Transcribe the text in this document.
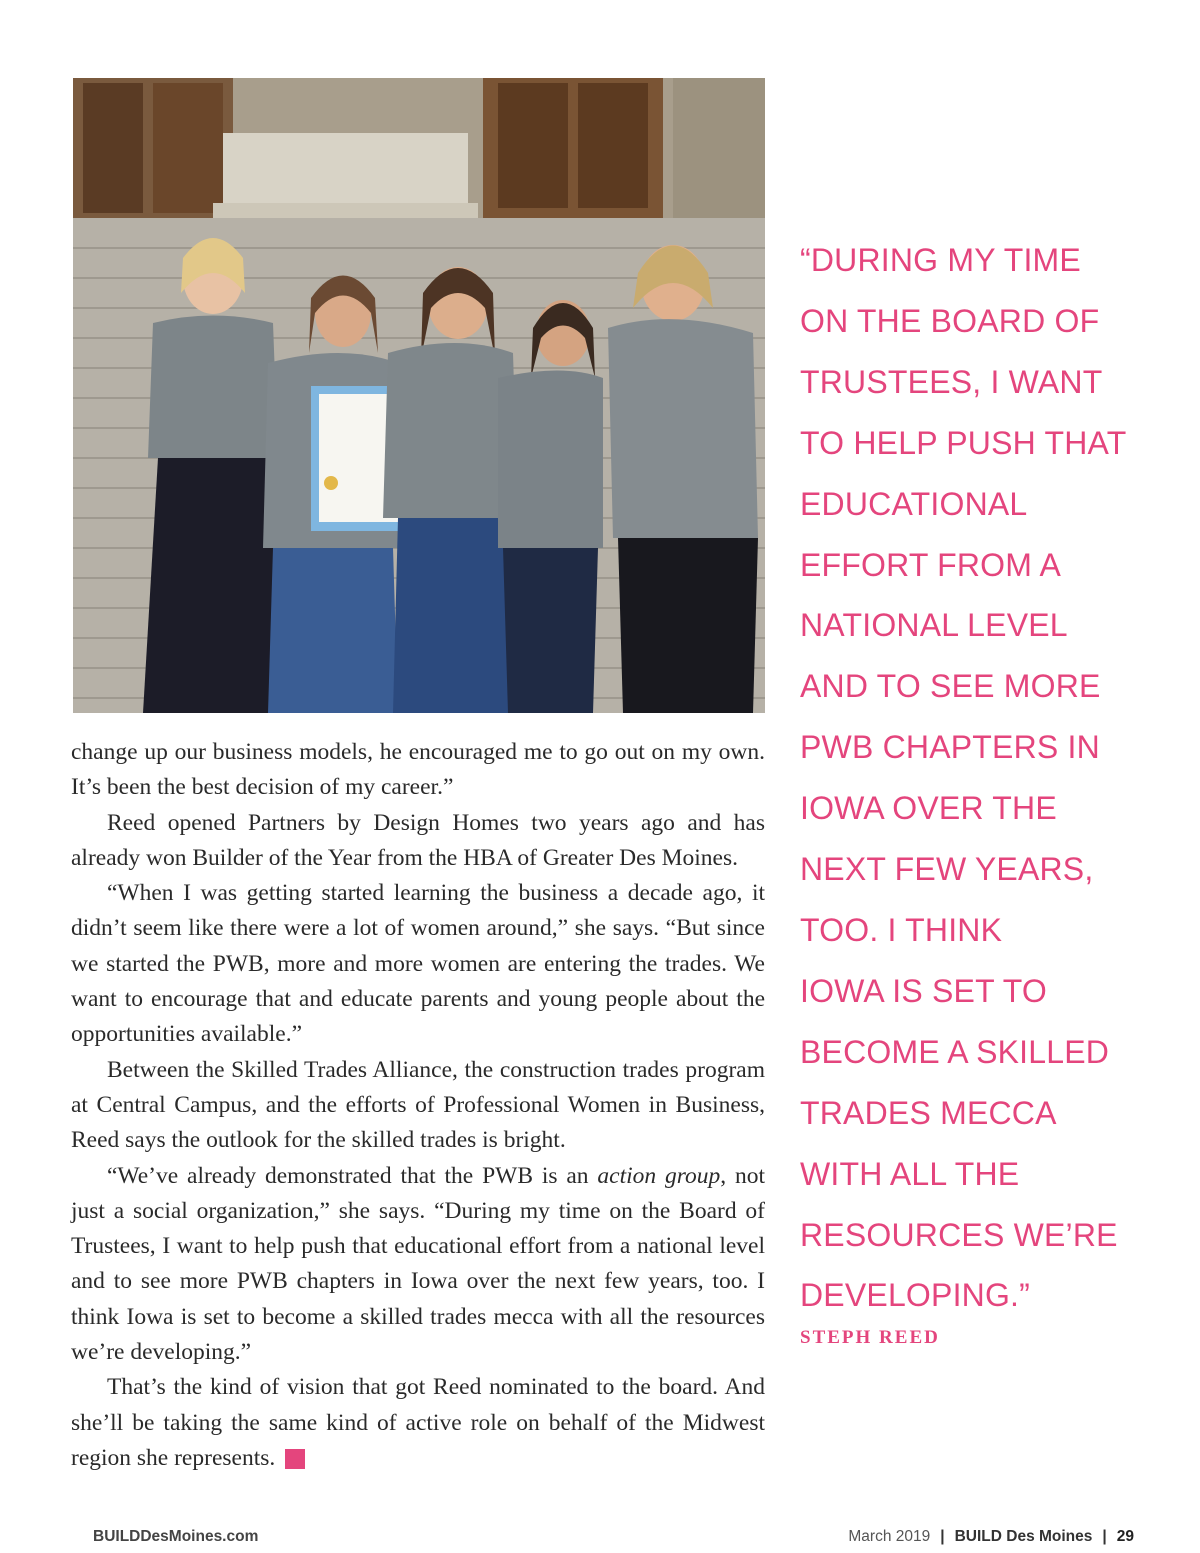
change up our business models, he encouraged me to go out on my own. It’s been the best decision of my career.”

Reed opened Partners by Design Homes two years ago and has already won Builder of the Year from the HBA of Greater Des Moines.

“When I was getting started learning the business a decade ago, it didn’t seem like there were a lot of women around,” she says. “But since we started the PWB, more and more women are entering the trades. We want to encourage that and educate parents and young people about the opportunities available.”

Between the Skilled Trades Alliance, the construction trades program at Central Campus, and the efforts of Professional Women in Business, Reed says the outlook for the skilled trades is bright.

“We’ve already demonstrated that the PWB is an action group, not just a social organization,” she says. “During my time on the Board of Trustees, I want to help push that educational effort from a national level and to see more PWB chapters in Iowa over the next few years, too. I think Iowa is set to become a skilled trades mecca with all the resources we’re developing.”

That’s the kind of vision that got Reed nominated to the board. And she’ll be taking the same kind of active role on behalf of the Midwest region she represents.	B

“DURING MY TIME
ON THE BOARD OF
TRUSTEES, I WANT
TO HELP PUSH THAT
EDUCATIONAL
EFFORT FROM A
NATIONAL LEVEL
AND TO SEE MORE
PWB CHAPTERS IN
IOWA OVER THE
NEXT FEW YEARS,
TOO. I THINK
IOWA IS SET TO
BECOME A SKILLED
TRADES MECCA
WITH ALL THE
RESOURCES WE’RE
DEVELOPING.”
STEPH REED
BUILDDesMoines.com	March 2019 | BUILD Des Moines | 29
